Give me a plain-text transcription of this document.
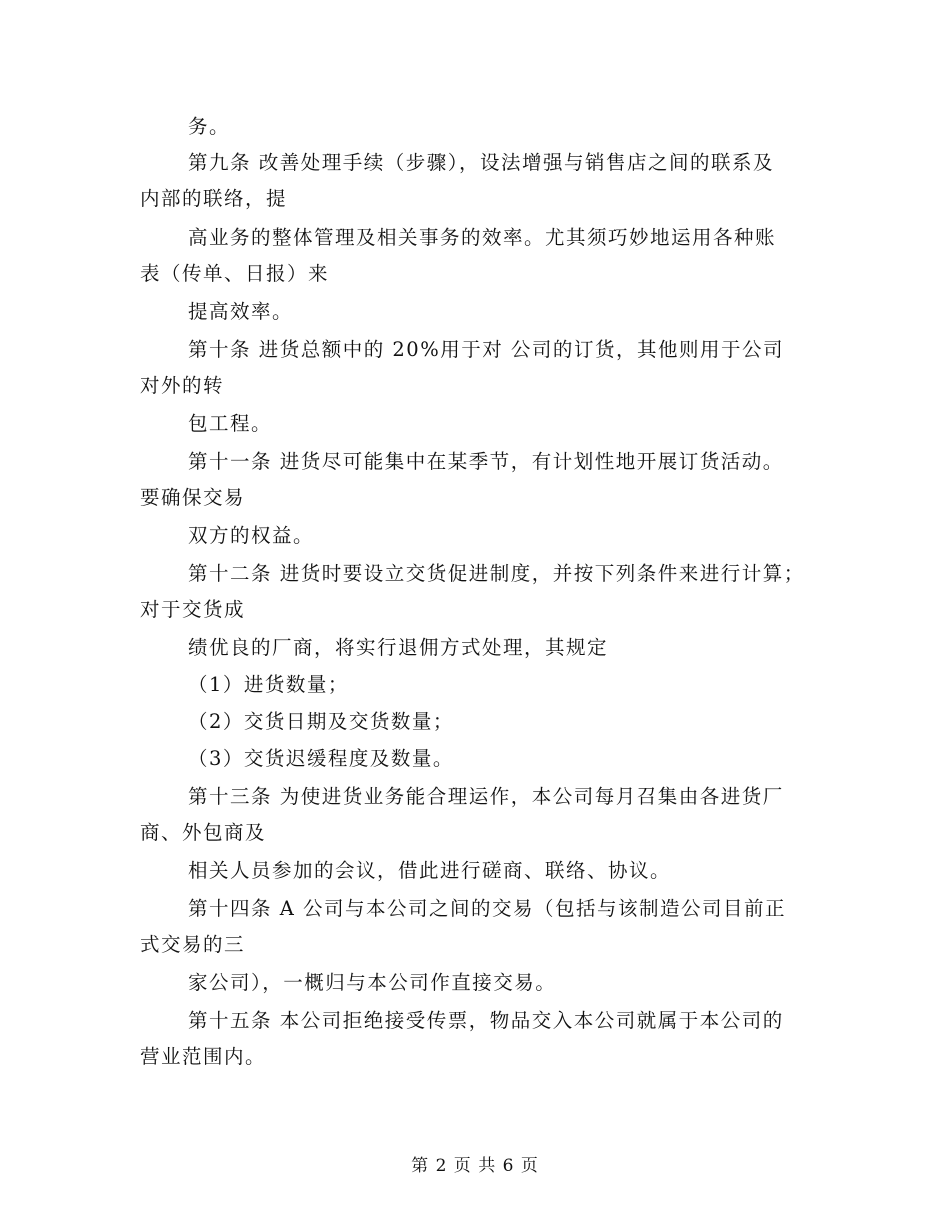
务。
第九条 改善处理手续（步骤），设法增强与销售店之间的联系及
内部的联络，提
高业务的整体管理及相关事务的效率。尤其须巧妙地运用各种账
表（传单、日报）来
提高效率。
第十条 进货总额中的 20%用于对 公司的订货，其他则用于公司
对外的转
包工程。
第十一条 进货尽可能集中在某季节，有计划性地开展订货活动。
要确保交易
双方的权益。
第十二条 进货时要设立交货促进制度，并按下列条件来进行计算；
对于交货成
绩优良的厂商，将实行退佣方式处理，其规定
（1）进货数量；
（2）交货日期及交货数量；
（3）交货迟缓程度及数量。
第十三条 为使进货业务能合理运作，本公司每月召集由各进货厂
商、外包商及
相关人员参加的会议，借此进行磋商、联络、协议。
第十四条 A 公司与本公司之间的交易（包括与该制造公司目前正
式交易的三
家公司），一概归与本公司作直接交易。
第十五条 本公司拒绝接受传票，物品交入本公司就属于本公司的
营业范围内。
第 2 页 共 6 页
